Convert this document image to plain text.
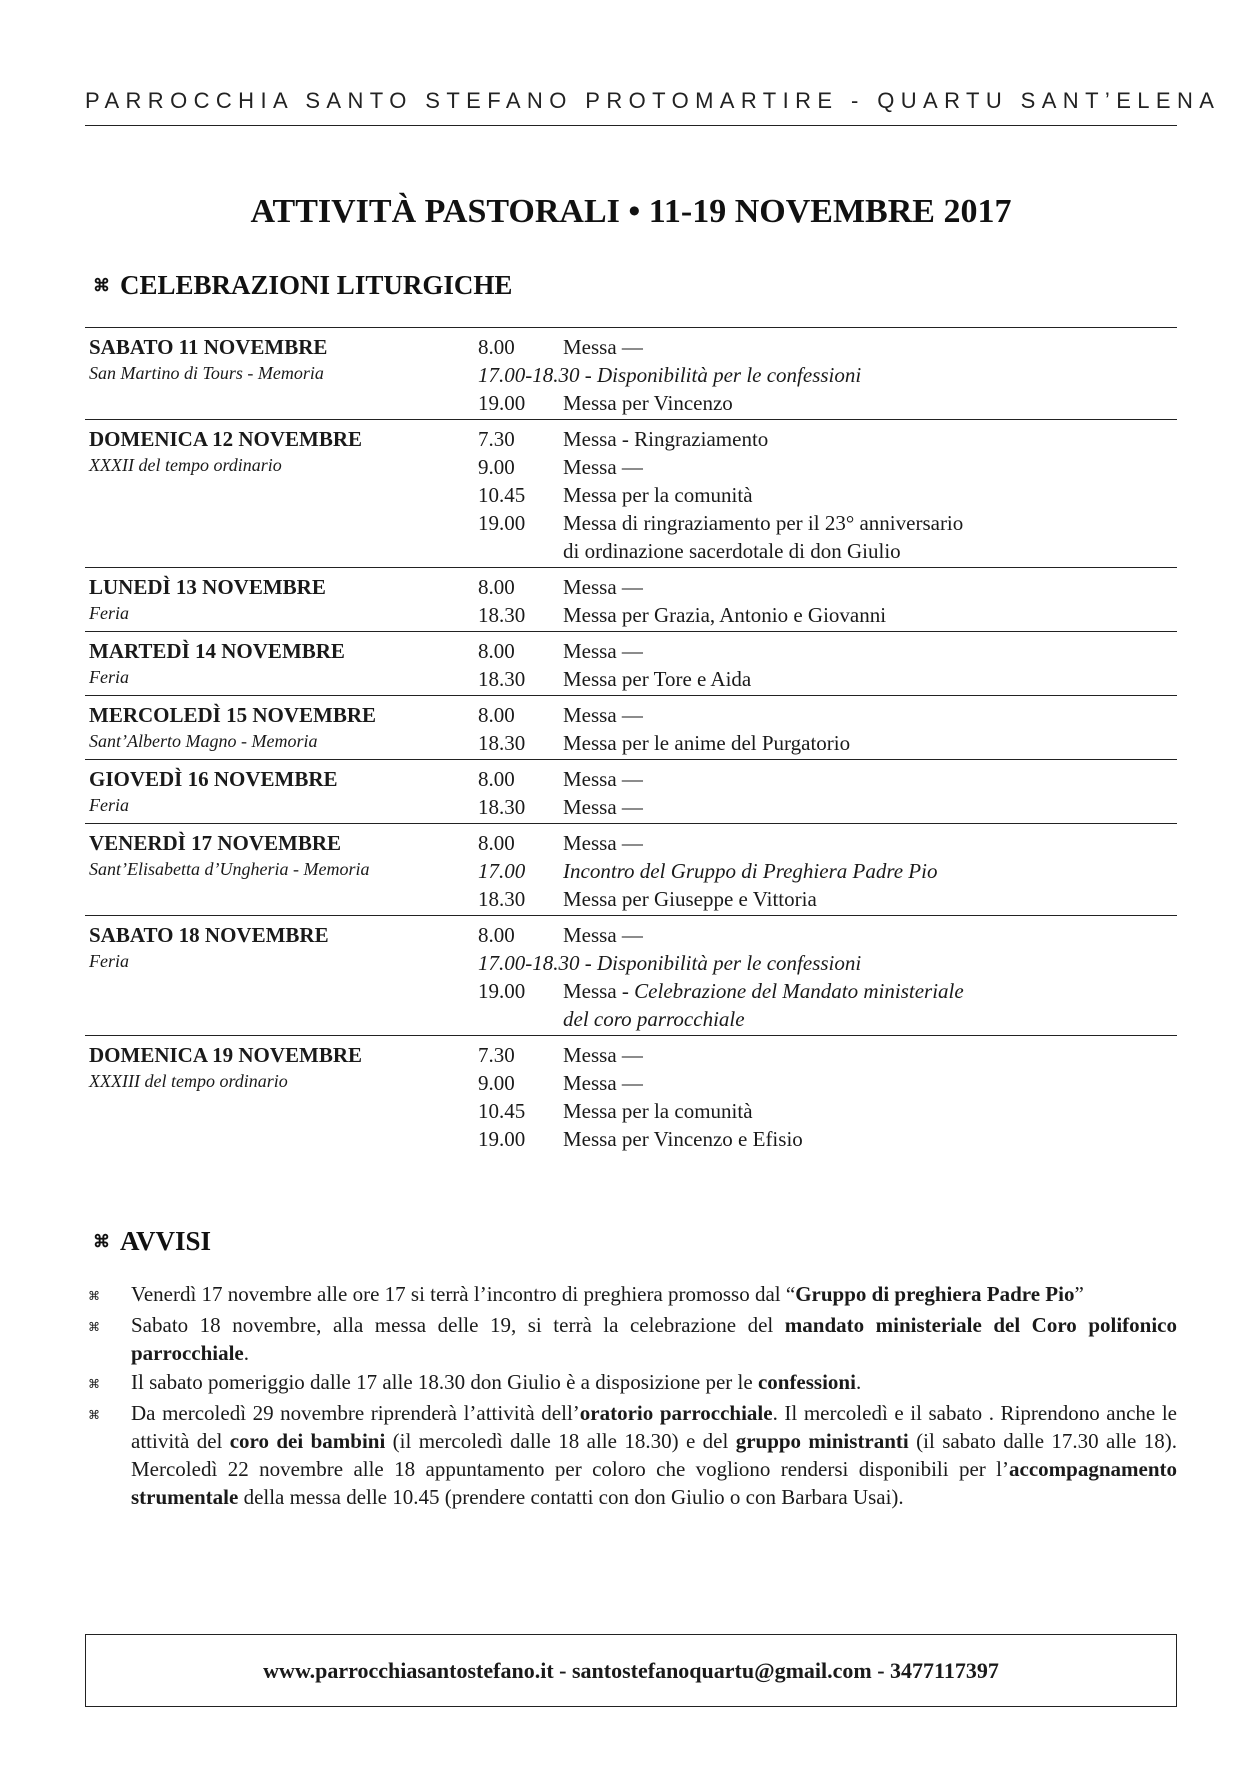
PARROCCHIA SANTO STEFANO PROTOMARTIRE - QUARTU SANT’ELENA
ATTIVITÀ PASTORALI • 11-19 NOVEMBRE 2017
⌘ CELEBRAZIONI LITURGICHE
SABATO 11 NOVEMBRE
San Martino di Tours - Memoria
8.00	Messa —
17.00-18.30 - Disponibilità per le confessioni
19.00	Messa per Vincenzo
DOMENICA 12 NOVEMBRE
XXXII del tempo ordinario
7.30	Messa - Ringraziamento
9.00	Messa —
10.45	Messa per la comunità
19.00	Messa di ringraziamento per il 23° anniversario
di ordinazione sacerdotale di don Giulio
LUNEDÌ 13 NOVEMBRE
Feria
8.00	Messa —
18.30	Messa per Grazia, Antonio e Giovanni
MARTEDÌ 14 NOVEMBRE
Feria
8.00	Messa —
18.30	Messa per Tore e Aida
MERCOLEDÌ 15 NOVEMBRE
Sant’Alberto Magno - Memoria
8.00	Messa —
18.30	Messa per le anime del Purgatorio
GIOVEDÌ 16 NOVEMBRE
Feria
8.00	Messa —
18.30	Messa —
VENERDÌ 17 NOVEMBRE
Sant’Elisabetta d’Ungheria - Memoria
8.00	Messa —
17.00	Incontro del Gruppo di Preghiera Padre Pio
18.30	Messa per Giuseppe e Vittoria
SABATO 18 NOVEMBRE
Feria
8.00	Messa —
17.00-18.30 - Disponibilità per le confessioni
19.00	Messa - Celebrazione del Mandato ministeriale
del coro parrocchiale
DOMENICA 19 NOVEMBRE
XXXIII del tempo ordinario
7.30	Messa —
9.00	Messa —
10.45	Messa per la comunità
19.00	Messa per Vincenzo e Efisio
⌘ AVVISI
⌘	Venerdì 17 novembre alle ore 17 si terrà l’incontro di preghiera promosso dal “Gruppo di preghiera Padre Pio”
⌘	Sabato 18 novembre, alla messa delle 19, si terrà la celebrazione del mandato ministeriale del Coro polifonico parrocchiale.
⌘	Il sabato pomeriggio dalle 17 alle 18.30 don Giulio è a disposizione per le confessioni.
⌘	Da mercoledì 29 novembre riprenderà l’attività dell’oratorio parrocchiale. Il mercoledì e il sabato . Riprendono anche le attività del coro dei bambini (il mercoledì dalle 18 alle 18.30) e del gruppo ministranti (il sabato dalle 17.30 alle 18). Mercoledì 22 novembre alle 18 appuntamento per coloro che vogliono rendersi disponibili per l’accompagnamento strumentale della messa delle 10.45 (prendere contatti con don Giulio o con Barbara Usai).
www.parrocchiasantostefano.it - santostefanoquartu@gmail.com - 3477117397
